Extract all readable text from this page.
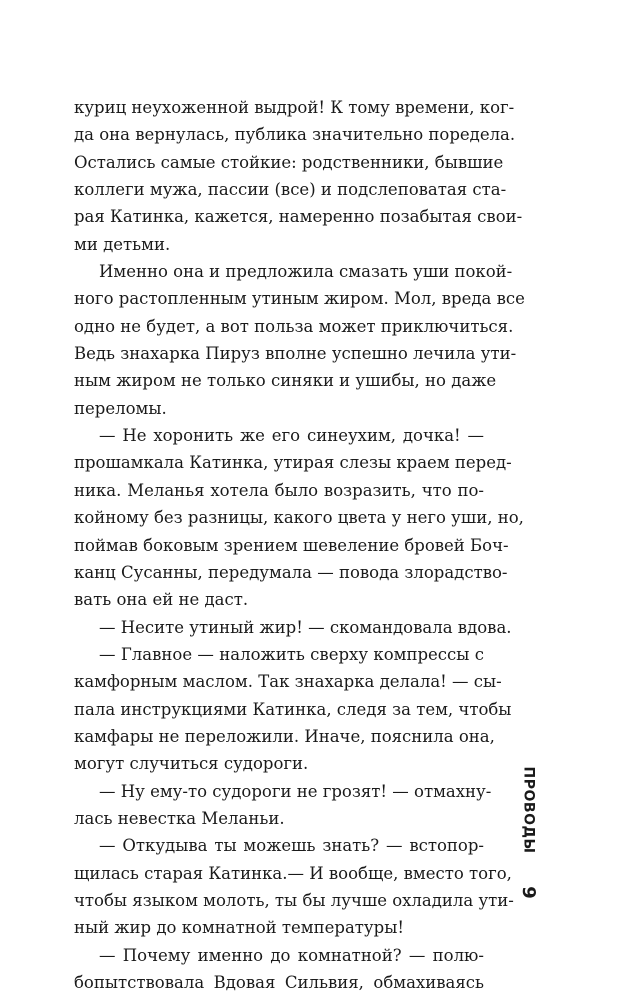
куриц неухоженной выдрой! К тому времени, ког-
да она вернулась, публика значительно поредела.
Остались самые стойкие: родственники, бывшие
коллеги мужа, пассии (все) и подслеповатая ста-
рая Катинка, кажется, намеренно позабытая свои-
ми детьми.
Именно она и предложила смазать уши покой-
ного растопленным утиным жиром. Мол, вреда все
одно не будет, а вот польза может приключиться.
Ведь знахарка Пируз вполне успешно лечила ути-
ным жиром не только синяки и ушибы, но даже
переломы.
— Не хоронить же его синеухим, дочка! —
прошамкала Катинка, утирая слезы краем перед-
ника. Меланья хотела было возразить, что по-
койному без разницы, какого цвета у него уши, но,
поймав боковым зрением шевеление бровей Боч-
канц Сусанны, передумала — повода злорадство-
вать она ей не даст.
— Несите утиный жир! — скомандовала вдова.
— Главное — наложить сверху компрессы с
камфорным маслом. Так знахарка делала! — сы-
пала инструкциями Катинка, следя за тем, чтобы
камфары не переложили. Иначе, пояснила она,
могут случиться судороги.
— Ну ему-то судороги не грозят! — отмахну-
лась невестка Меланьи.
— Откудыва ты можешь знать? — встопор-
щилась старая Катинка.— И вообще, вместо того,
чтобы языком молоть, ты бы лучше охладила ути-
ный жир до комнатной температуры!
— Почему именно до комнатной? — полю-
бопытствовала Вдовая Сильвия, обмахиваясь
ПРОВОДЫ
9
